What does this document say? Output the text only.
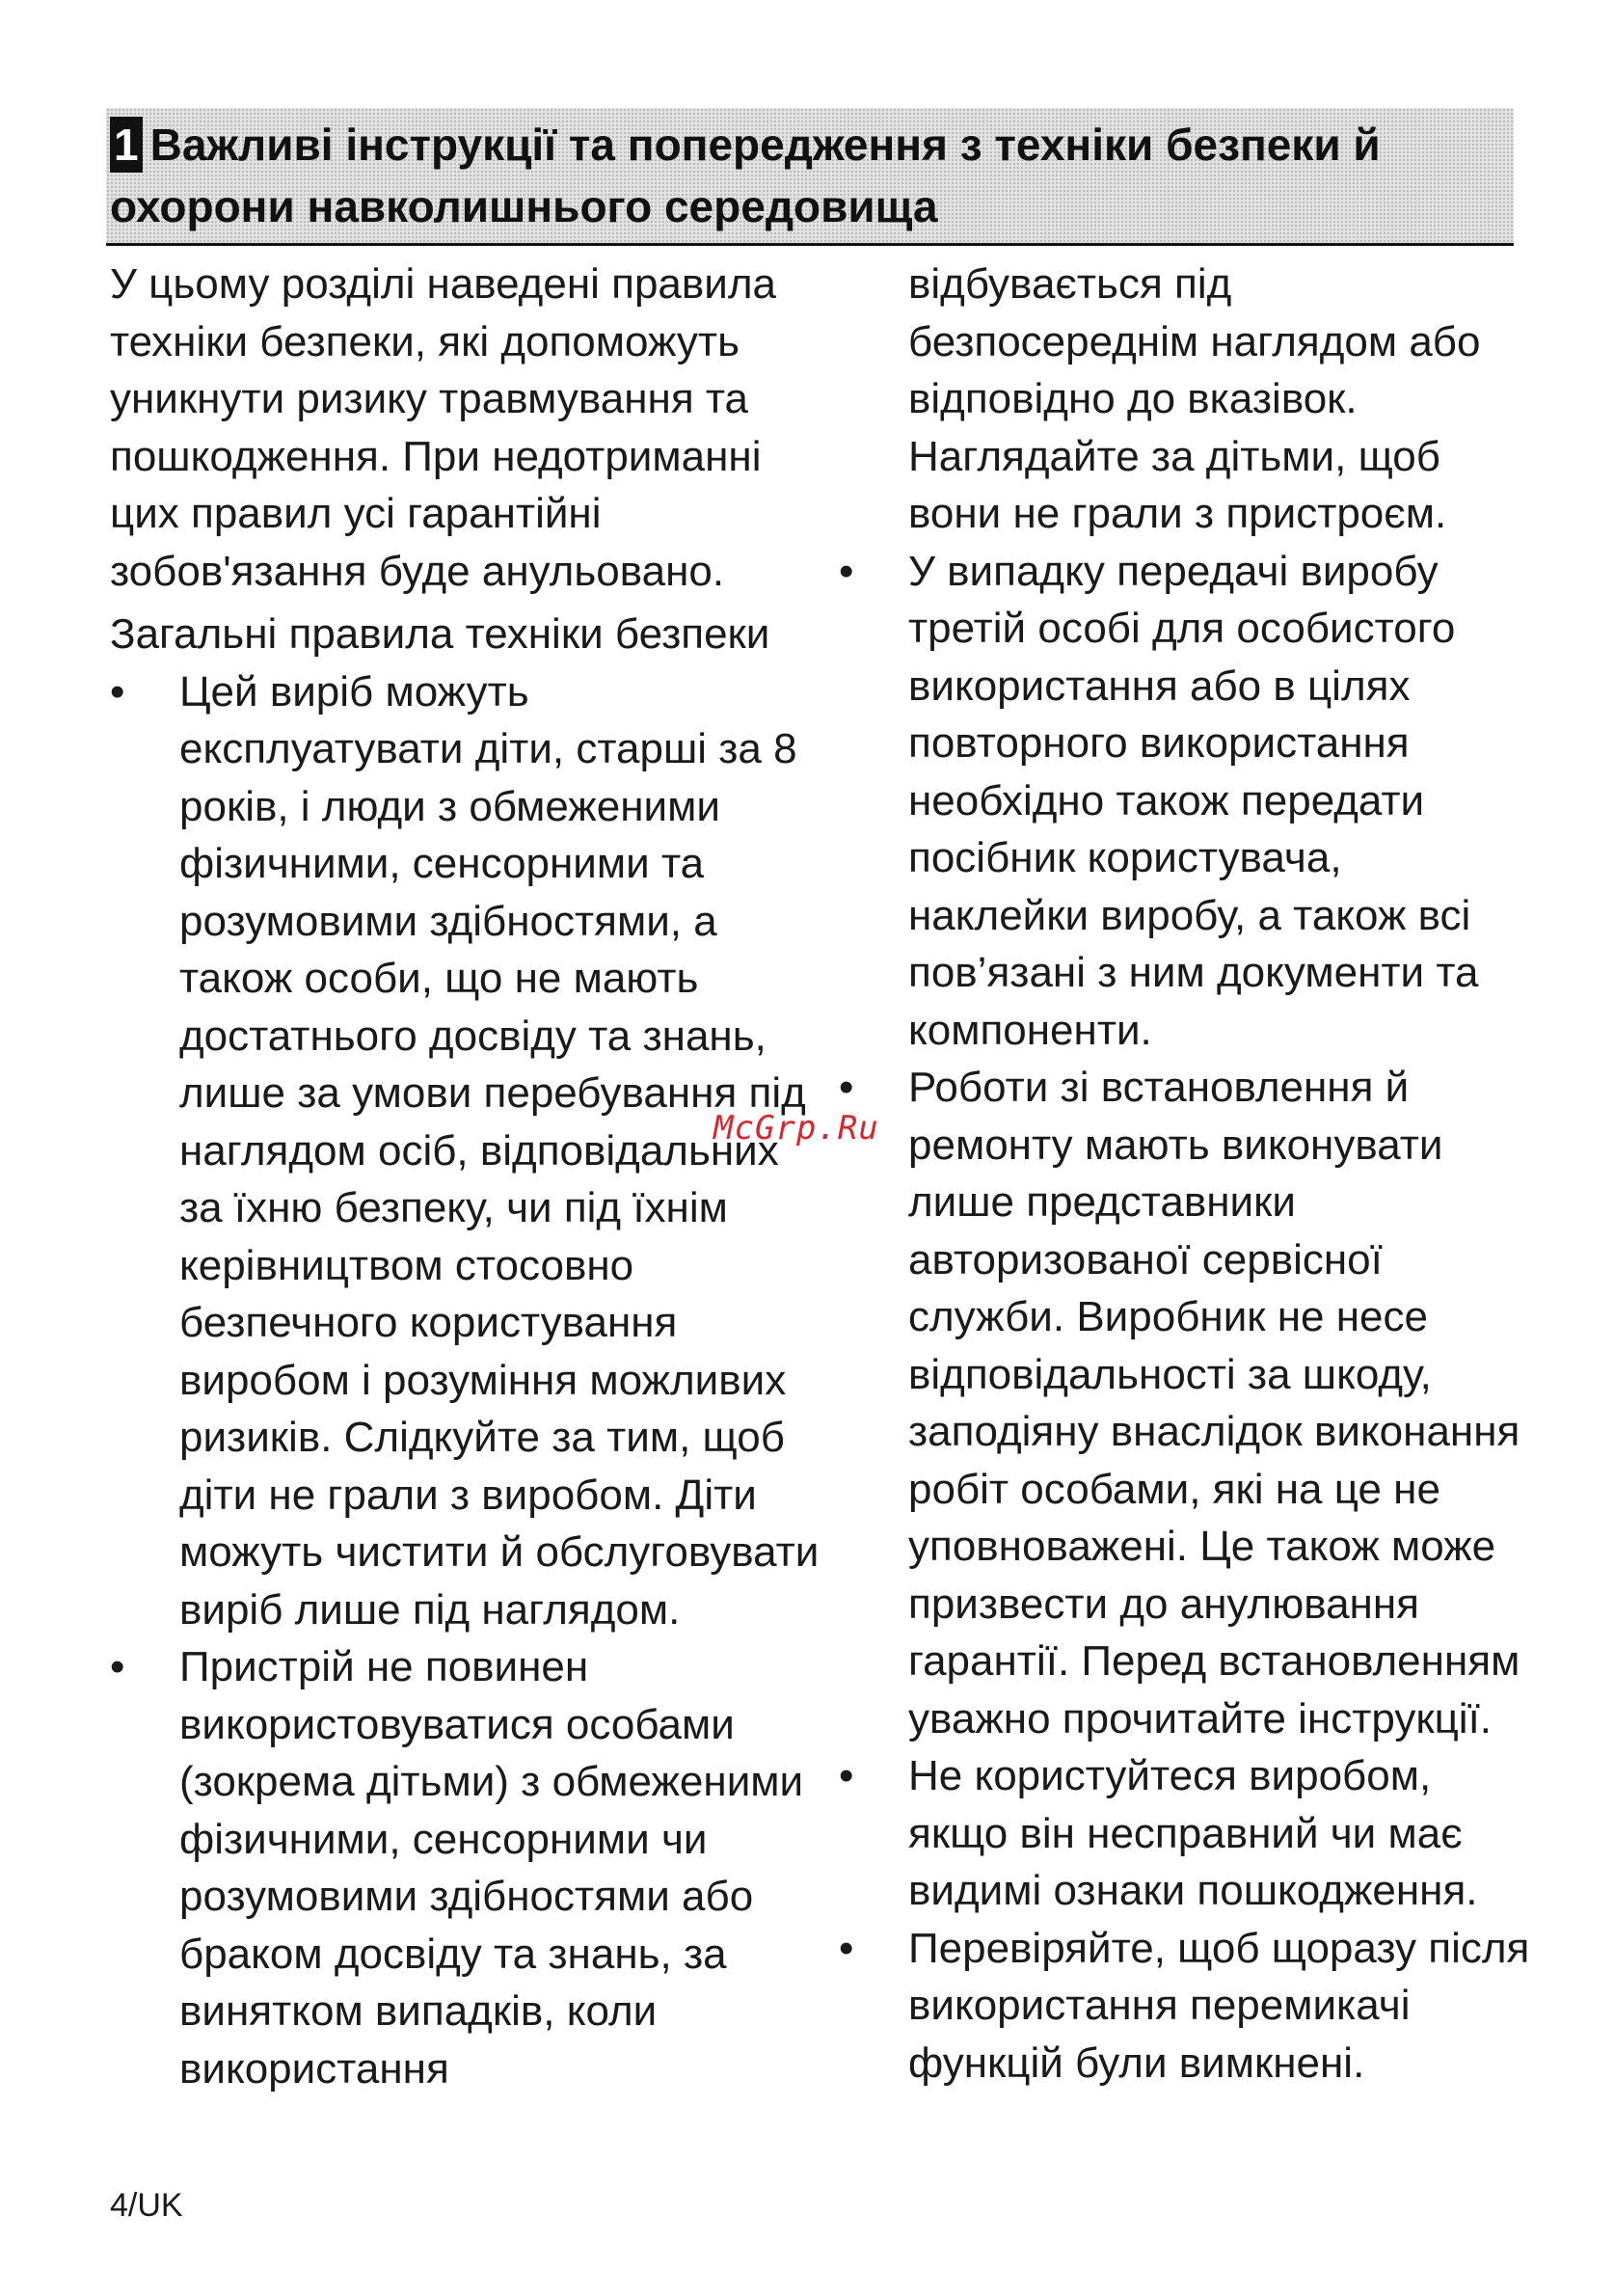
1 Важливі інструкції та попередження з техніки безпеки й охорони навколишнього середовища

У цьому розділі наведені правила техніки безпеки, які допоможуть уникнути ризику травмування та пошкодження. При недотриманні цих правил усі гарантійні зобов'язання буде анульовано.

Загальні правила техніки безпеки

•	Цей виріб можуть експлуатувати діти, старші за 8 років, і люди з обмеженими фізичними, сенсорними та розумовими здібностями, а також особи, що не мають достатнього досвіду та знань, лише за умови перебування під наглядом осіб, відповідальних за їхню безпеку, чи під їхнім керівництвом стосовно безпечного користування виробом і розуміння можливих ризиків. Слідкуйте за тим, щоб діти не грали з виробом. Діти можуть чистити й обслуговувати виріб лише під наглядом.
•	Пристрій не повинен використовуватися особами (зокрема дітьми) з обмеженими фізичними, сенсорними чи розумовими здібностями або браком досвіду та знань, за винятком випадків, коли використання

відбувається під безпосереднім наглядом або відповідно до вказівок. Наглядайте за дітьми, щоб вони не грали з пристроєм.

•	У випадку передачі виробу третій особі для особистого використання або в цілях повторного використання необхідно також передати посібник користувача, наклейки виробу, а також всі пов’язані з ним документи та компоненти.
•	Роботи зі встановлення й ремонту мають виконувати лише представники авторизованої сервісної служби. Виробник не несе відповідальності за шкоду, заподіяну внаслідок виконання робіт особами, які на це не уповноважені. Це також може призвести до анулювання гарантії. Перед встановленням уважно прочитайте інструкції.
•	Не користуйтеся виробом, якщо він несправний чи має видимі ознаки пошкодження.
•	Перевіряйте, щоб щоразу після використання перемикачі функцій були вимкнені.
McGrp.Ru
4/UK
